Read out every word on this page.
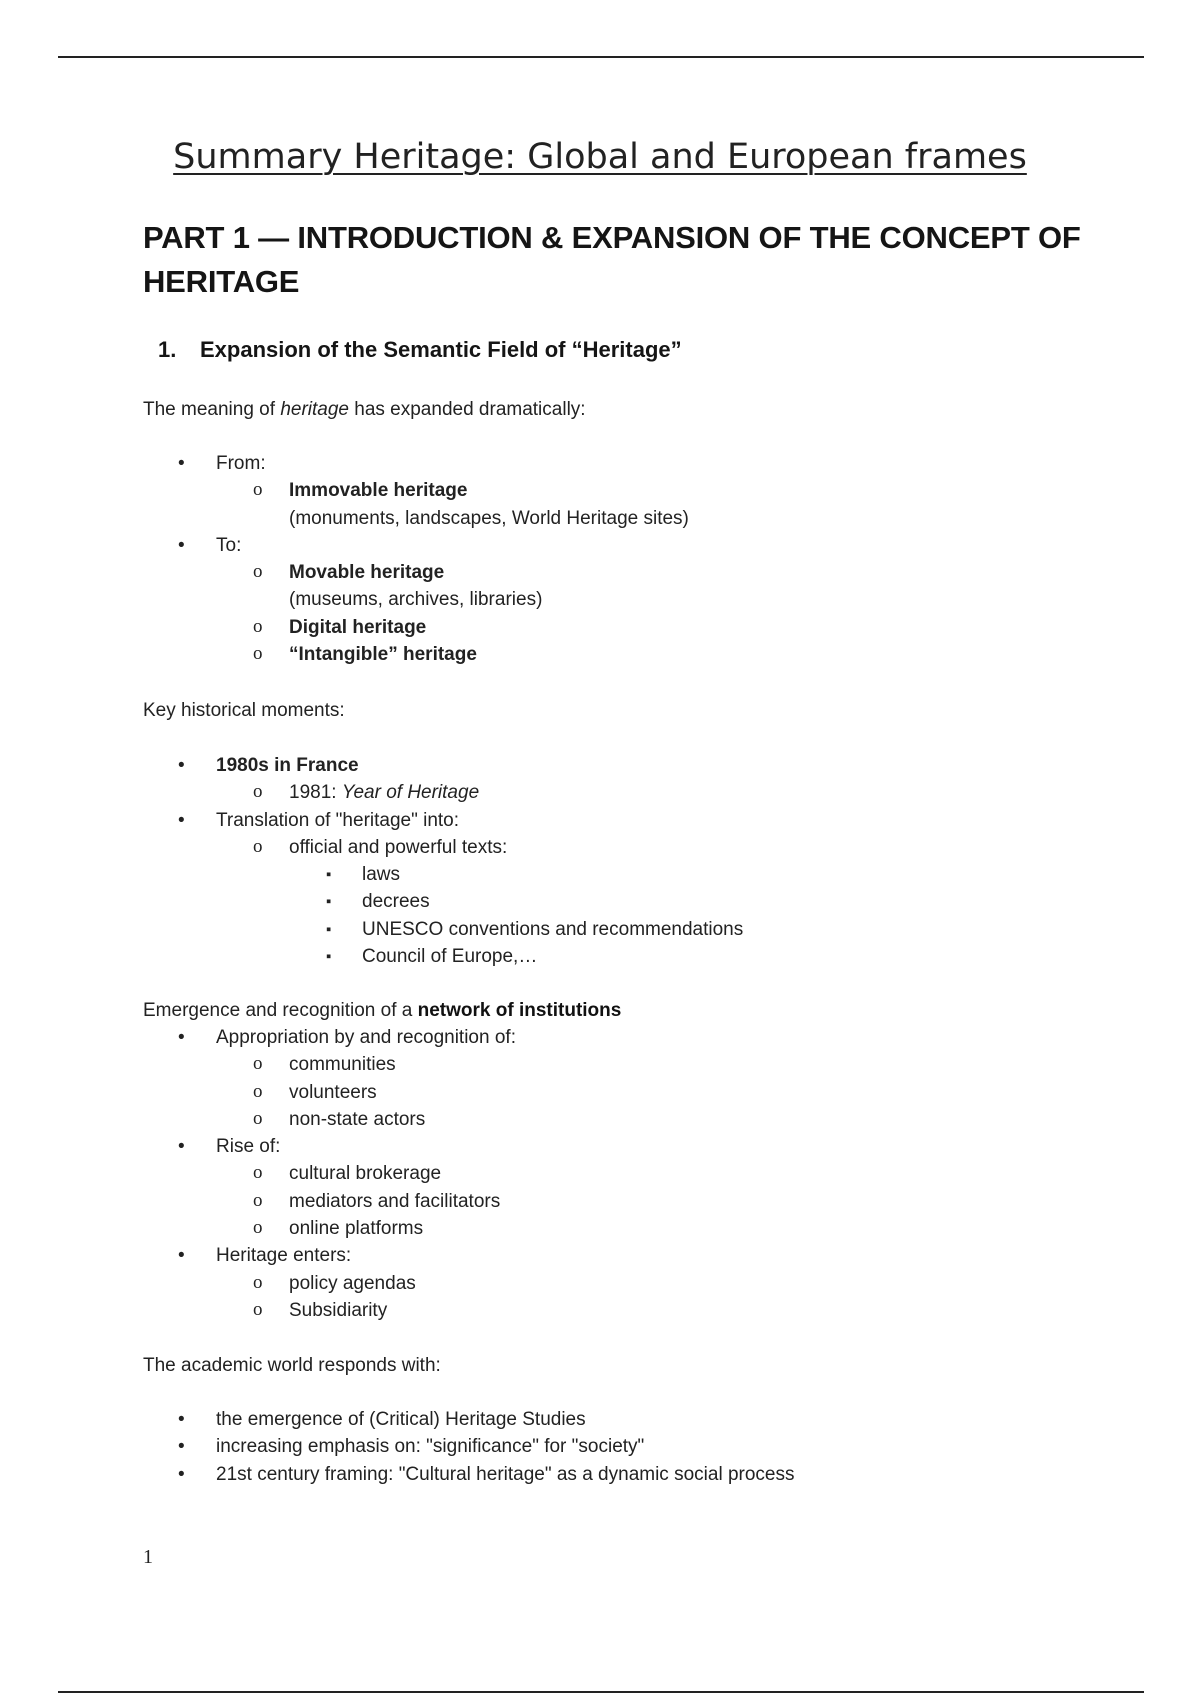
Summary Heritage: Global and European frames
PART 1 — INTRODUCTION & EXPANSION OF THE CONCEPT OF HERITAGE
1. Expansion of the Semantic Field of “Heritage”
The meaning of heritage has expanded dramatically:
• From:
o Immovable heritage
(monuments, landscapes, World Heritage sites)
• To:
o Movable heritage
(museums, archives, libraries)
o Digital heritage
o “Intangible” heritage
Key historical moments:
• 1980s in France
o 1981: Year of Heritage
• Translation of "heritage" into:
o official and powerful texts:
▪ laws
▪ decrees
▪ UNESCO conventions and recommendations
▪ Council of Europe,…
Emergence and recognition of a network of institutions
• Appropriation by and recognition of:
o communities
o volunteers
o non-state actors
• Rise of:
o cultural brokerage
o mediators and facilitators
o online platforms
• Heritage enters:
o policy agendas
o Subsidiarity
The academic world responds with:
• the emergence of (Critical) Heritage Studies
• increasing emphasis on: "significance" for "society"
• 21st century framing: "Cultural heritage" as a dynamic social process
1
